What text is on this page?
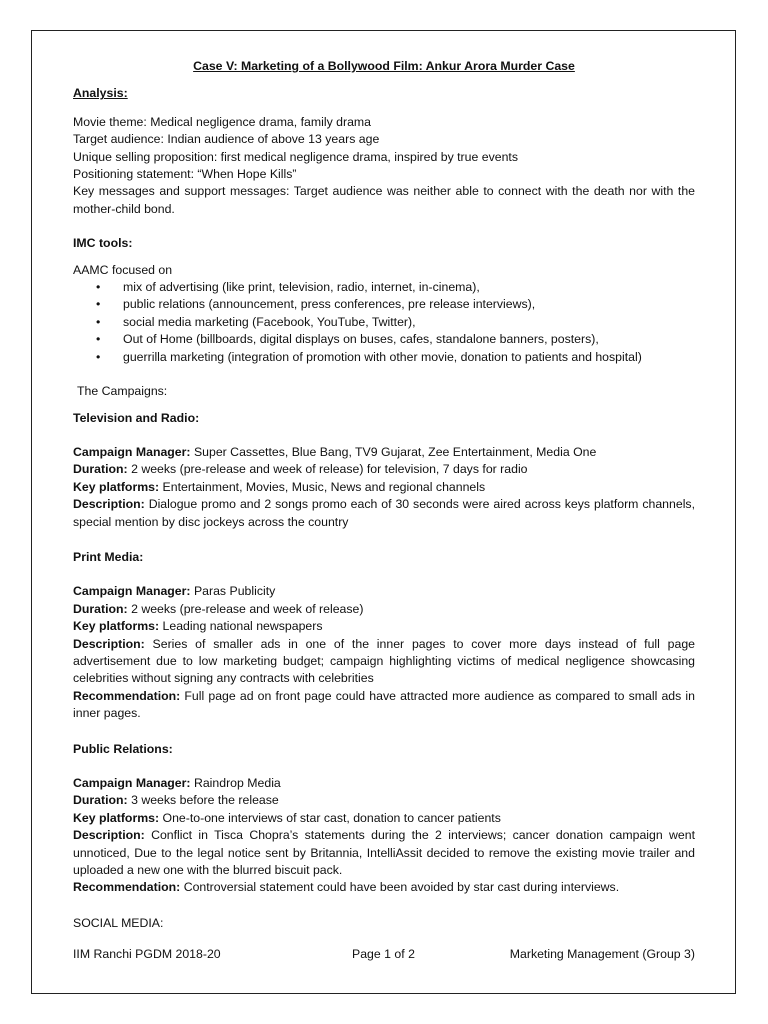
Case V: Marketing of a Bollywood Film: Ankur Arora Murder Case

Analysis:

Movie theme: Medical negligence drama, family drama

Target audience: Indian audience of above 13 years age

Unique selling proposition: first medical negligence drama, inspired by true events

Positioning statement: “When Hope Kills”

Key messages and support messages: Target audience was neither able to connect with the death nor with the mother-child bond.

IMC tools:

AAMC focused on

• mix of advertising (like print, television, radio, internet, in-cinema),
• public relations (announcement, press conferences, pre release interviews),
• social media marketing (Facebook, YouTube, Twitter),
• Out of Home (billboards, digital displays on buses, cafes, standalone banners, posters),
• guerrilla marketing (integration of promotion with other movie, donation to patients and hospital)

The Campaigns:

Television and Radio:

Campaign Manager: Super Cassettes, Blue Bang, TV9 Gujarat, Zee Entertainment, Media One

Duration: 2 weeks (pre-release and week of release) for television, 7 days for radio

Key platforms: Entertainment, Movies, Music, News and regional channels

Description: Dialogue promo and 2 songs promo each of 30 seconds were aired across keys platform channels, special mention by disc jockeys across the country

Print Media:

Campaign Manager: Paras Publicity

Duration: 2 weeks (pre-release and week of release)

Key platforms: Leading national newspapers

Description: Series of smaller ads in one of the inner pages to cover more days instead of full page advertisement due to low marketing budget; campaign highlighting victims of medical negligence showcasing celebrities without signing any contracts with celebrities

Recommendation: Full page ad on front page could have attracted more audience as compared to small ads in inner pages.

Public Relations:

Campaign Manager: Raindrop Media

Duration: 3 weeks before the release

Key platforms: One-to-one interviews of star cast, donation to cancer patients

Description: Conflict in Tisca Chopra’s statements during the 2 interviews; cancer donation campaign went unnoticed, Due to the legal notice sent by Britannia, IntelliAssit decided to remove the existing movie trailer and uploaded a new one with the blurred biscuit pack.

Recommendation: Controversial statement could have been avoided by star cast during interviews.

SOCIAL MEDIA:

IIM Ranchi PGDM 2018-20	Page 1 of 2	Marketing Management (Group 3)
